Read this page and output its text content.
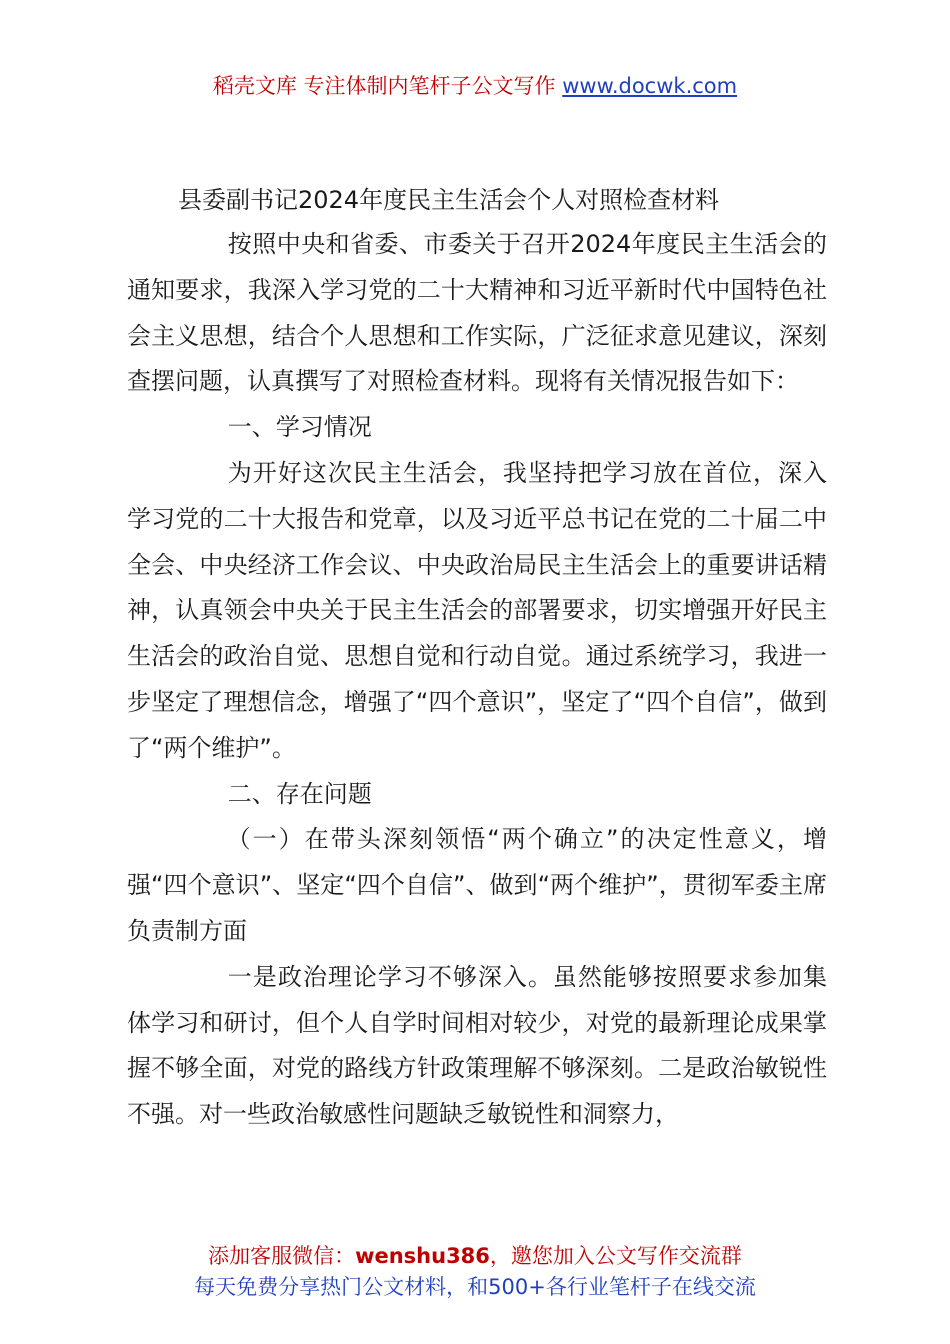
稻壳文库 专注体制内笔杆子公文写作 www.docwk.com
县委副书记2024年度民主生活会个人对照检查材料

按照中央和省委、市委关于召开2024年度民主生活会的通知要求，我深入学习党的二十大精神和习近平新时代中国特色社会主义思想，结合个人思想和工作实际，广泛征求意见建议，深刻查摆问题，认真撰写了对照检查材料。现将有关情况报告如下：

一、学习情况

为开好这次民主生活会，我坚持把学习放在首位，深入学习党的二十大报告和党章，以及习近平总书记在党的二十届二中全会、中央经济工作会议、中央政治局民主生活会上的重要讲话精神，认真领会中央关于民主生活会的部署要求，切实增强开好民主生活会的政治自觉、思想自觉和行动自觉。通过系统学习，我进一步坚定了理想信念，增强了“四个意识”，坚定了“四个自信”，做到了“两个维护”。

二、存在问题

（一）在带头深刻领悟“两个确立”的决定性意义，增强“四个意识”、坚定“四个自信”、做到“两个维护”，贯彻军委主席负责制方面

一是政治理论学习不够深入。虽然能够按照要求参加集体学习和研讨，但个人自学时间相对较少，对党的最新理论成果掌握不够全面，对党的路线方针政策理解不够深刻。二是政治敏锐性不强。对一些政治敏感性问题缺乏敏锐性和洞察力，

添加客服微信：wenshu386，邀您加入公文写作交流群
每天免费分享热门公文材料，和500+各行业笔杆子在线交流
